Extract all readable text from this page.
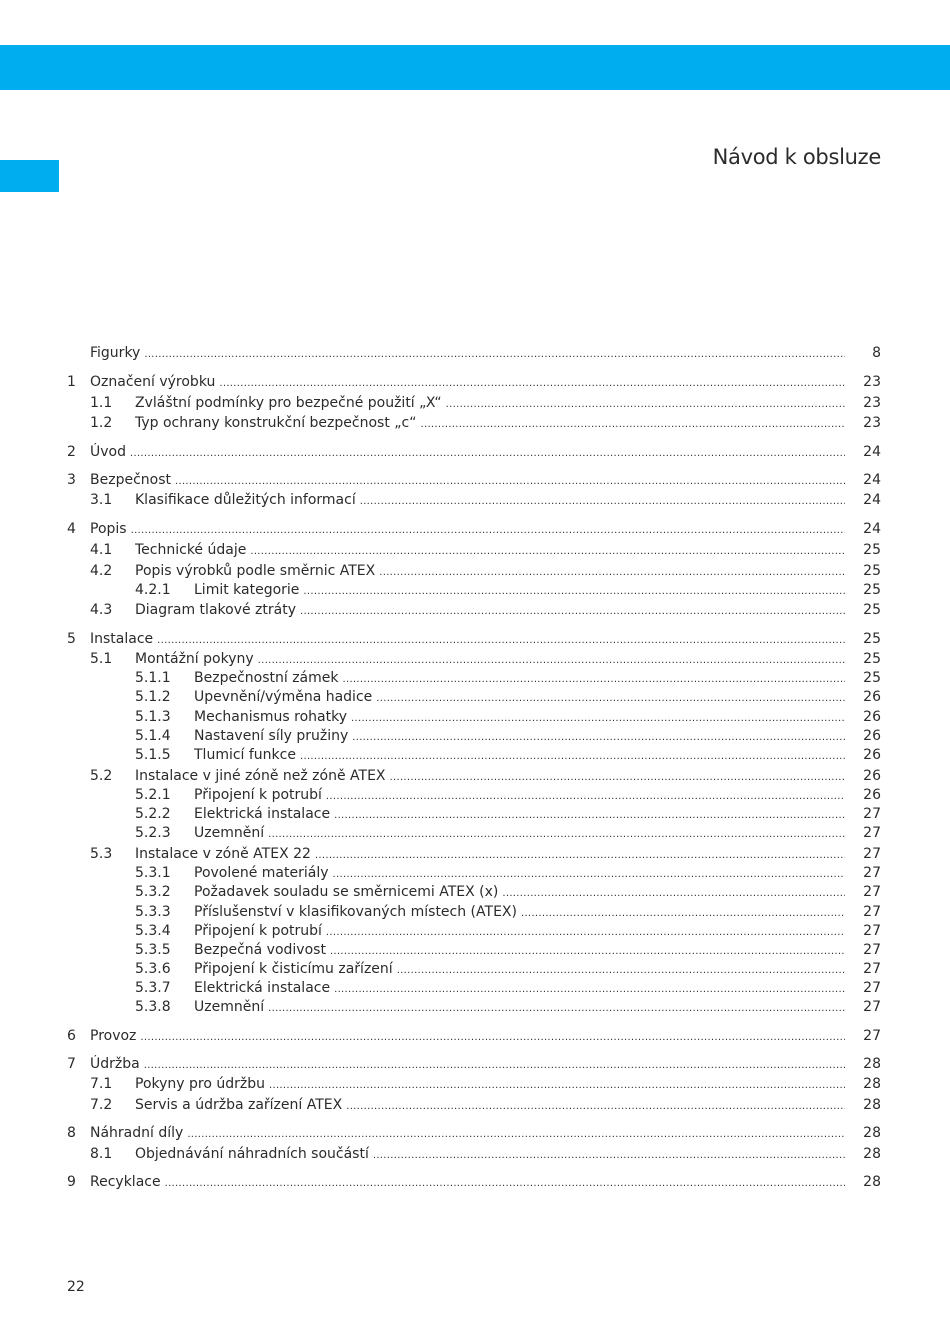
Návod k obsluze
Figurky .....	8
1 Označení výrobku .....	23
1.1 Zvláštní podmínky pro bezpečné použití „X“ .....	23
1.2 Typ ochrany konstrukční bezpečnost „c“ .....	23
2 Úvod .....	24
3 Bezpečnost .....	24
3.1 Klasifikace důležitých informací .....	24
4 Popis .....	24
4.1 Technické údaje .....	25
4.2 Popis výrobků podle směrnic ATEX .....	25
4.2.1 Limit kategorie .....	25
4.3 Diagram tlakové ztráty .....	25
5 Instalace .....	25
5.1 Montážní pokyny .....	25
5.1.1 Bezpečnostní zámek .....	25
5.1.2 Upevnění/výměna hadice .....	26
5.1.3 Mechanismus rohatky .....	26
5.1.4 Nastavení síly pružiny .....	26
5.1.5 Tlumicí funkce .....	26
5.2 Instalace v jiné zóně než zóně ATEX .....	26
5.2.1 Připojení k potrubí .....	26
5.2.2 Elektrická instalace .....	27
5.2.3 Uzemnění .....	27
5.3 Instalace v zóně ATEX 22 .....	27
5.3.1 Povolené materiály .....	27
5.3.2 Požadavek souladu se směrnicemi ATEX (x) .....	27
5.3.3 Příslušenství v klasifikovaných místech (ATEX) .....	27
5.3.4 Připojení k potrubí .....	27
5.3.5 Bezpečná vodivost .....	27
5.3.6 Připojení k čisticímu zařízení .....	27
5.3.7 Elektrická instalace .....	27
5.3.8 Uzemnění .....	27
6 Provoz .....	27
7 Údržba .....	28
7.1 Pokyny pro údržbu .....	28
7.2 Servis a údržba zařízení ATEX .....	28
8 Náhradní díly .....	28
8.1 Objednávání náhradních součástí .....	28
9 Recyklace .....	28
22
